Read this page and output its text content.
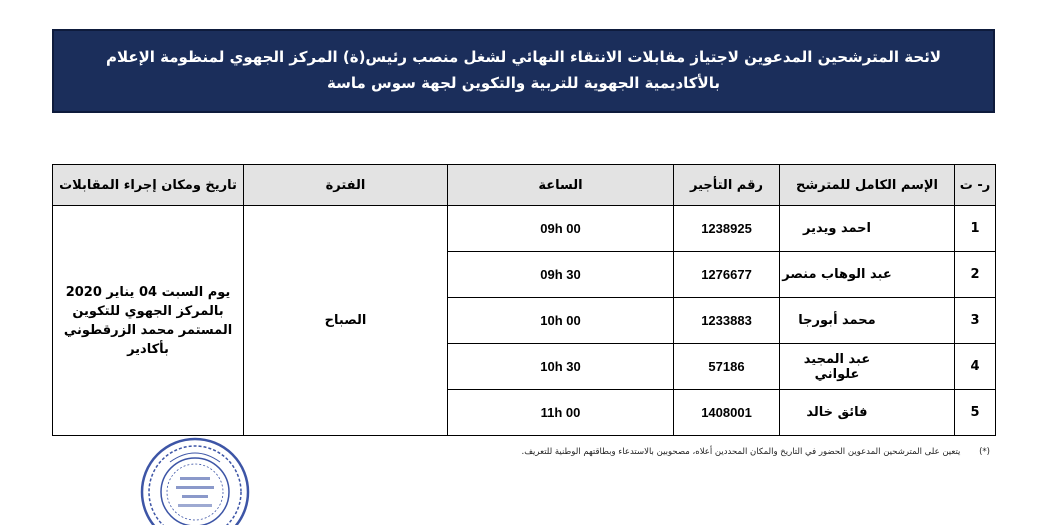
لائحة المترشحين المدعوين لاجتياز مقابلات الانتقاء النهائي لشغل منصب رئيس(ة) المركز الجهوي لمنظومة الإعلام
بالأكاديمية الجهوية للتربية والتكوين لجهة سوس ماسة
ر- ت	الإسم الكامل للمترشح	رقم التأجير	الساعة	الفترة	تاريخ ومكان إجراء المقابلات
1	احمد ويدير	1238925	09h 00	الصباح	يوم السبت 04 يناير 2020 بالمركز الجهوي للتكوين المستمر محمد الزرقطوني بأكادير
2	عبد الوهاب منصر	1276677	09h 30		
3	محمد أبورجا	1233883	10h 00		
4	عبد المجيد علواني	57186	10h 30		
5	فائق خالد	1408001	11h 00		
(*) يتعين على المترشحين المدعوين الحضور في التاريخ والمكان المحددين أعلاه، مصحوبين بالاستدعاء وبطاقتهم الوطنية للتعريف.
